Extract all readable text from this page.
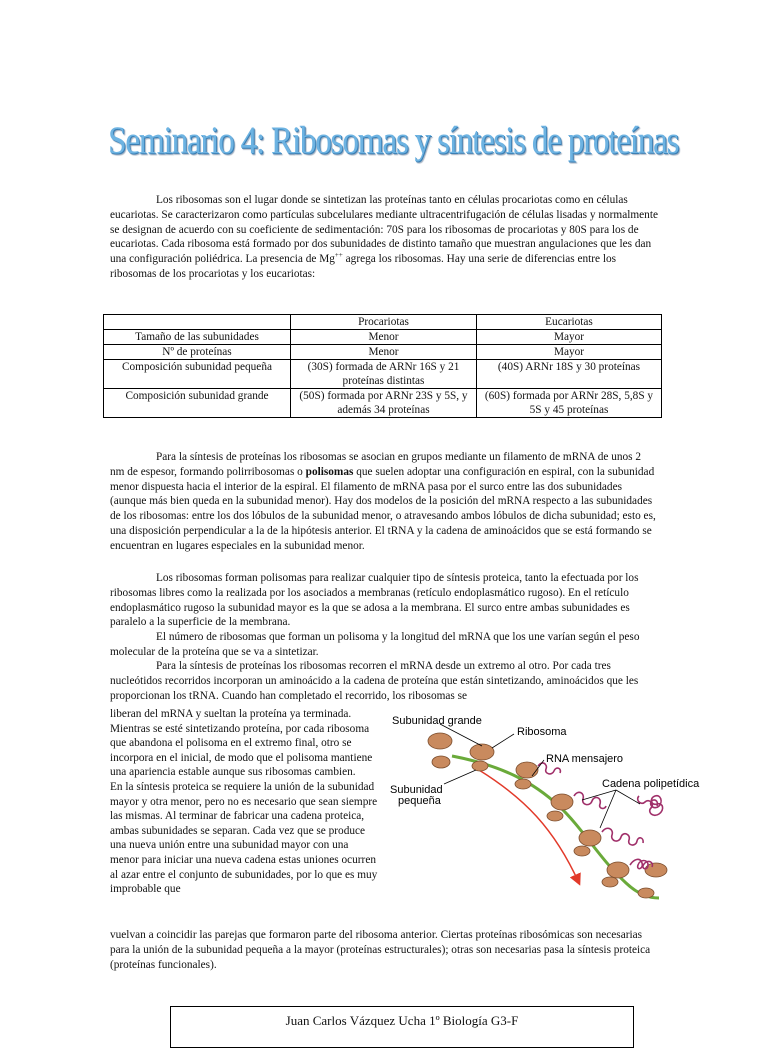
Seminario 4: Ribosomas y síntesis de proteínas

Los ribosomas son el lugar donde se sintetizan las proteínas tanto en células procariotas como en células eucariotas. Se caracterizaron como partículas subcelulares mediante ultracentrifugación de células lisadas y normalmente se designan de acuerdo con su coeficiente de sedimentación: 70S para los ribosomas de procariotas y 80S para los de eucariotas. Cada ribosoma está formado por dos subunidades de distinto tamaño que muestran angulaciones que les dan una configuración poliédrica. La presencia de Mg++ agrega los ribosomas. Hay una serie de diferencias entre los ribosomas de los procariotas y los eucariotas:

	Procariotas	Eucariotas
Tamaño de las subunidades	Menor	Mayor
Nº de proteínas	Menor	Mayor
Composición subunidad pequeña	(30S) formada de ARNr 16S y 21 proteínas distintas	(40S) ARNr 18S y 30 proteínas
Composición subunidad grande	(50S) formada por ARNr 23S y 5S, y además 34 proteínas	(60S) formada por ARNr 28S, 5,8S y 5S y 45 proteínas

Para la síntesis de proteínas los ribosomas se asocian en grupos mediante un filamento de mRNA de unos 2 nm de espesor, formando polirribosomas o polisomas que suelen adoptar una configuración en espiral, con la subunidad menor dispuesta hacia el interior de la espiral. El filamento de mRNA pasa por el surco entre las dos subunidades (aunque más bien queda en la subunidad menor). Hay dos modelos de la posición del mRNA respecto a las subunidades de los ribosomas: entre los dos lóbulos de la subunidad menor, o atravesando ambos lóbulos de dicha subunidad; esto es, una disposición perpendicular a la de la hipótesis anterior. El tRNA y la cadena de aminoácidos que se está formando se encuentran en lugares especiales en la subunidad menor.

Los ribosomas forman polisomas para realizar cualquier tipo de síntesis proteica, tanto la efectuada por los ribosomas libres como la realizada por los asociados a membranas (retículo endoplasmático rugoso). En el retículo endoplasmático rugoso la subunidad mayor es la que se adosa a la membrana. El surco entre ambas subunidades es paralelo a la superficie de la membrana.

El número de ribosomas que forman un polisoma y la longitud del mRNA que los une varían según el peso molecular de la proteína que se va a sintetizar.

Para la síntesis de proteínas los ribosomas recorren el mRNA desde un extremo al otro. Por cada tres nucleótidos recorridos incorporan un aminoácido a la cadena de proteína que están sintetizando, aminoácidos que les proporcionan los tRNA. Cuando han completado el recorrido, los ribosomas se

liberan del mRNA y sueltan la proteína ya terminada. Mientras se esté sintetizando proteína, por cada ribosoma que abandona el polisoma en el extremo final, otro se incorpora en el inicial, de modo que el polisoma mantiene una apariencia estable aunque sus ribosomas cambien.
En la síntesis proteica se requiere la unión de la subunidad mayor y otra menor, pero no es necesario que sean siempre las mismas. Al terminar de fabricar una cadena proteica, ambas subunidades se separan. Cada vez que se produce una nueva unión entre una subunidad mayor con una menor para iniciar una nueva cadena estas uniones ocurren al azar entre el conjunto de subunidades, por lo que es muy improbable que

vuelvan a coincidir las parejas que formaron parte del ribosoma anterior. Ciertas proteínas ribosómicas son necesarias para la unión de la subunidad pequeña a la mayor (proteínas estructurales); otras son necesarias pasa la síntesis proteica (proteínas funcionales).

Subunidad grande
Ribosoma
RNA mensajero
Subunidad
pequeña
Cadena polipetídica
Juan Carlos Vázquez Ucha 1º Biología G3-F
